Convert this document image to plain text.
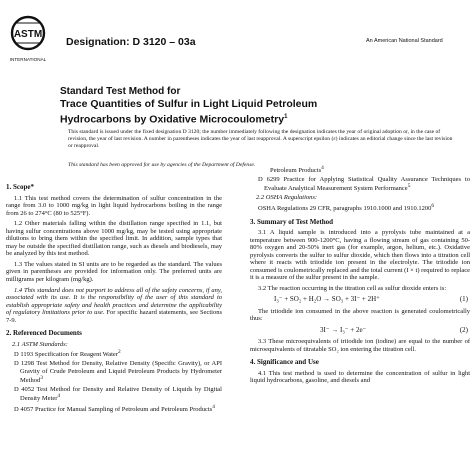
ASTM
INTERNATIONAL
Designation: D 3120 – 03a	An American National Standard
Standard Test Method for
Trace Quantities of Sulfur in Light Liquid Petroleum
Hydrocarbons by Oxidative Microcoulometry$^1$
This standard is issued under the fixed designation D 3120; the number immediately following the designation indicates the year of original adoption or, in the case of revision, the year of last revision. A number in parentheses indicates the year of last reapproval. A superscript epsilon (ε) indicates an editorial change since the last revision or reapproval.
This standard has been approved for use by agencies of the Department of Defense.
1. Scope*

1.1 This test method covers the determination of sulfur concentration in the range from 3.0 to 1000 mg/kg in light liquid hydrocarbons boiling in the range from 26 to 274°C (80 to 525°F).

1.2 Other materials falling within the distillation range specified in 1.1, but having sulfur concentrations above 1000 mg/kg, may be tested using appropriate dilutions to bring them within the specified limit. In addition, sample types that may be outside the specified distillation range, such as diesels and biodiesels, may be analyzed by this test method.

1.3 The values stated in SI units are to be regarded as the standard. The values given in parentheses are provided for information only. The preferred units are milligrams per kilogram (mg/kg).

1.4 This standard does not purport to address all of the safety concerns, if any, associated with its use. It is the responsibility of the user of this standard to establish appropriate safety and health practices and determine the applicability of regulatory limitations prior to use. For specific hazard statements, see Sections 7-9.

2. Referenced Documents

2.1 ASTM Standards:

D 1193 Specification for Reagent Water$^2$

D 1298 Test Method for Density, Relative Density (Specific Gravity), or API Gravity of Crude Petroleum and Liquid Petroleum Products by Hydrometer Method$^3$

D 4052 Test Method for Density and Relative Density of Liquids by Digital Density Meter$^4$

D 4057 Practice for Manual Sampling of Petroleum and Petroleum Products$^4$

Petroleum Products$^4$

D 6299 Practice for Applying Statistical Quality Assurance Techniques to Evaluate Analytical Measurement System Performance$^5$

2.2 OSHA Regulations:

OSHA Regulations 29 CFR, paragraphs 1910.1000 and 1910.1200$^6$

3. Summary of Test Method

3.1 A liquid sample is introduced into a pyrolysis tube maintained at a temperature between 900-1200°C, having a flowing stream of gas containing 50-80% oxygen and 20-50% inert gas (for example, argon, helium, etc.). Oxidative pyrolysis converts the sulfur to sulfur dioxide, which then flows into a titration cell where it reacts with triiodide ion present in the electrolyte. The triiodide ion consumed is coulometrically replaced and the total current (I × t) required to replace it is a measure of the sulfur present in the sample.

3.2 The reaction occurring in the titration cell as sulfur dioxide enters is:

I₃⁻ + SO₂ + H₂O → SO₃ + 3I⁻ + 2H⁺	(1)

The triiodide ion consumed in the above reaction is generated coulometrically thus:

3I⁻ → I₃⁻ + 2e⁻	(2)

3.3 These microequivalents of triiodide ion (iodine) are equal to the number of microequivalents of titratable SO₂ ion entering the titration cell.

4. Significance and Use

4.1 This test method is used to determine the concentration of sulfur in light liquid hydrocarbons, gasoline, and diesels and
